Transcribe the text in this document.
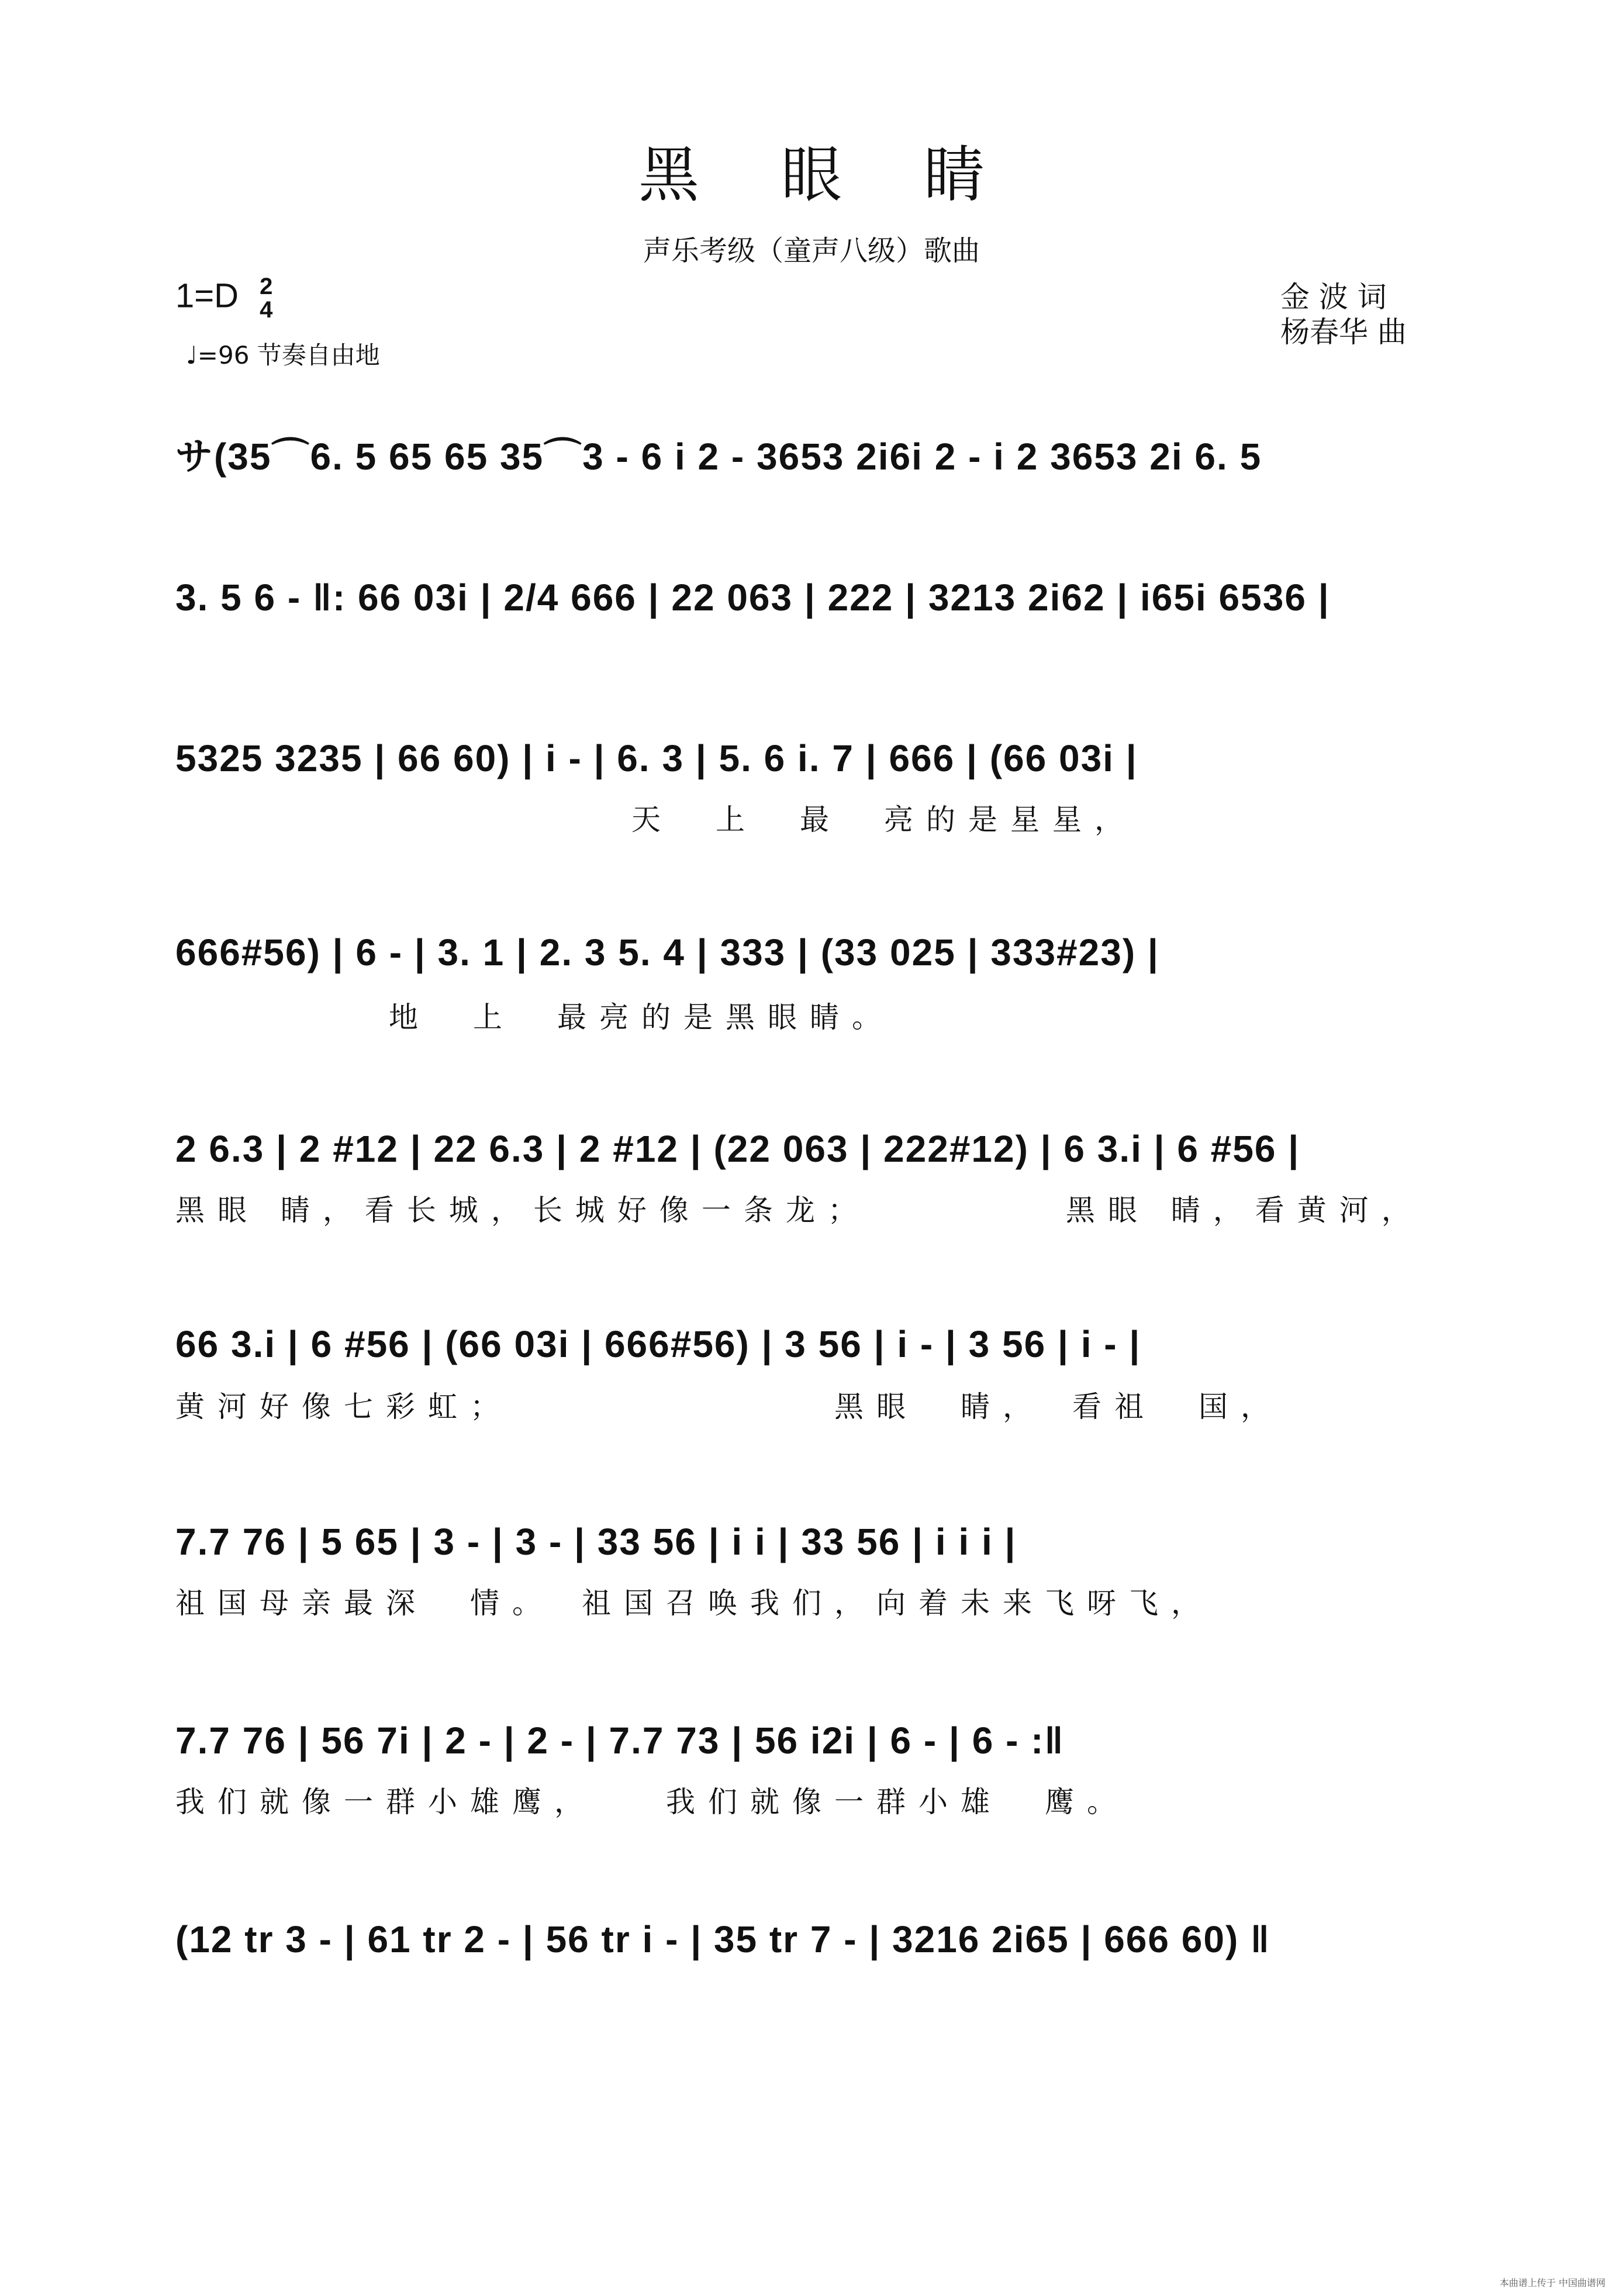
黑 眼 睛
声乐考级（童声八级）歌曲
1=D 2
4
♩=96 节奏自由地
金 波 词
杨春华 曲
サ(35⌒6. 5 65 65 35⌒3 - 6 i 2 - 3653 2i6i 2 - i 2 3653 2i 6. 5
3. 5 6 - ‖: 66 03i | 2/4 666 | 22 063 | 222 | 3213 2i62 | i65i 6536 |
5325 3235 | 66 60) | i - | 6. 3 | 5. 6 i. 7 | 666 | (66 03i |
天　上　最　亮的是星星，
666#56) | 6 - | 3. 1 | 2. 3 5. 4 | 333 | (33 025 | 333#23) |
地　上　最亮的是黑眼睛。
2 6.3 | 2 #12 | 22 6.3 | 2 #12 | (22 063 | 222#12) | 6 3.i | 6 #56 |
黑眼 睛，看长城，长城好像一条龙；　　　　　黑眼 睛，看黄河，
66 3.i | 6 #56 | (66 03i | 666#56) | 3 56 | i - | 3 56 | i - |
黄河好像七彩虹；　　　　　　　　黑眼　睛，　看祖　国，
7.7 76 | 5 65 | 3 - | 3 - | 33 56 | i i | 33 56 | i i i |
祖国母亲最深　情。　祖国召唤我们，向着未来飞呀飞，
7.7 76 | 56 7i | 2 - | 2 - | 7.7 73 | 56 i2i | 6 - | 6 - :‖
我们就像一群小雄鹰，　　我们就像一群小雄　鹰。
(12 tr 3 - | 61 tr 2 - | 56 tr i - | 35 tr 7 - | 3216 2i65 | 666 60) ‖
本曲谱上传于 中国曲谱网
